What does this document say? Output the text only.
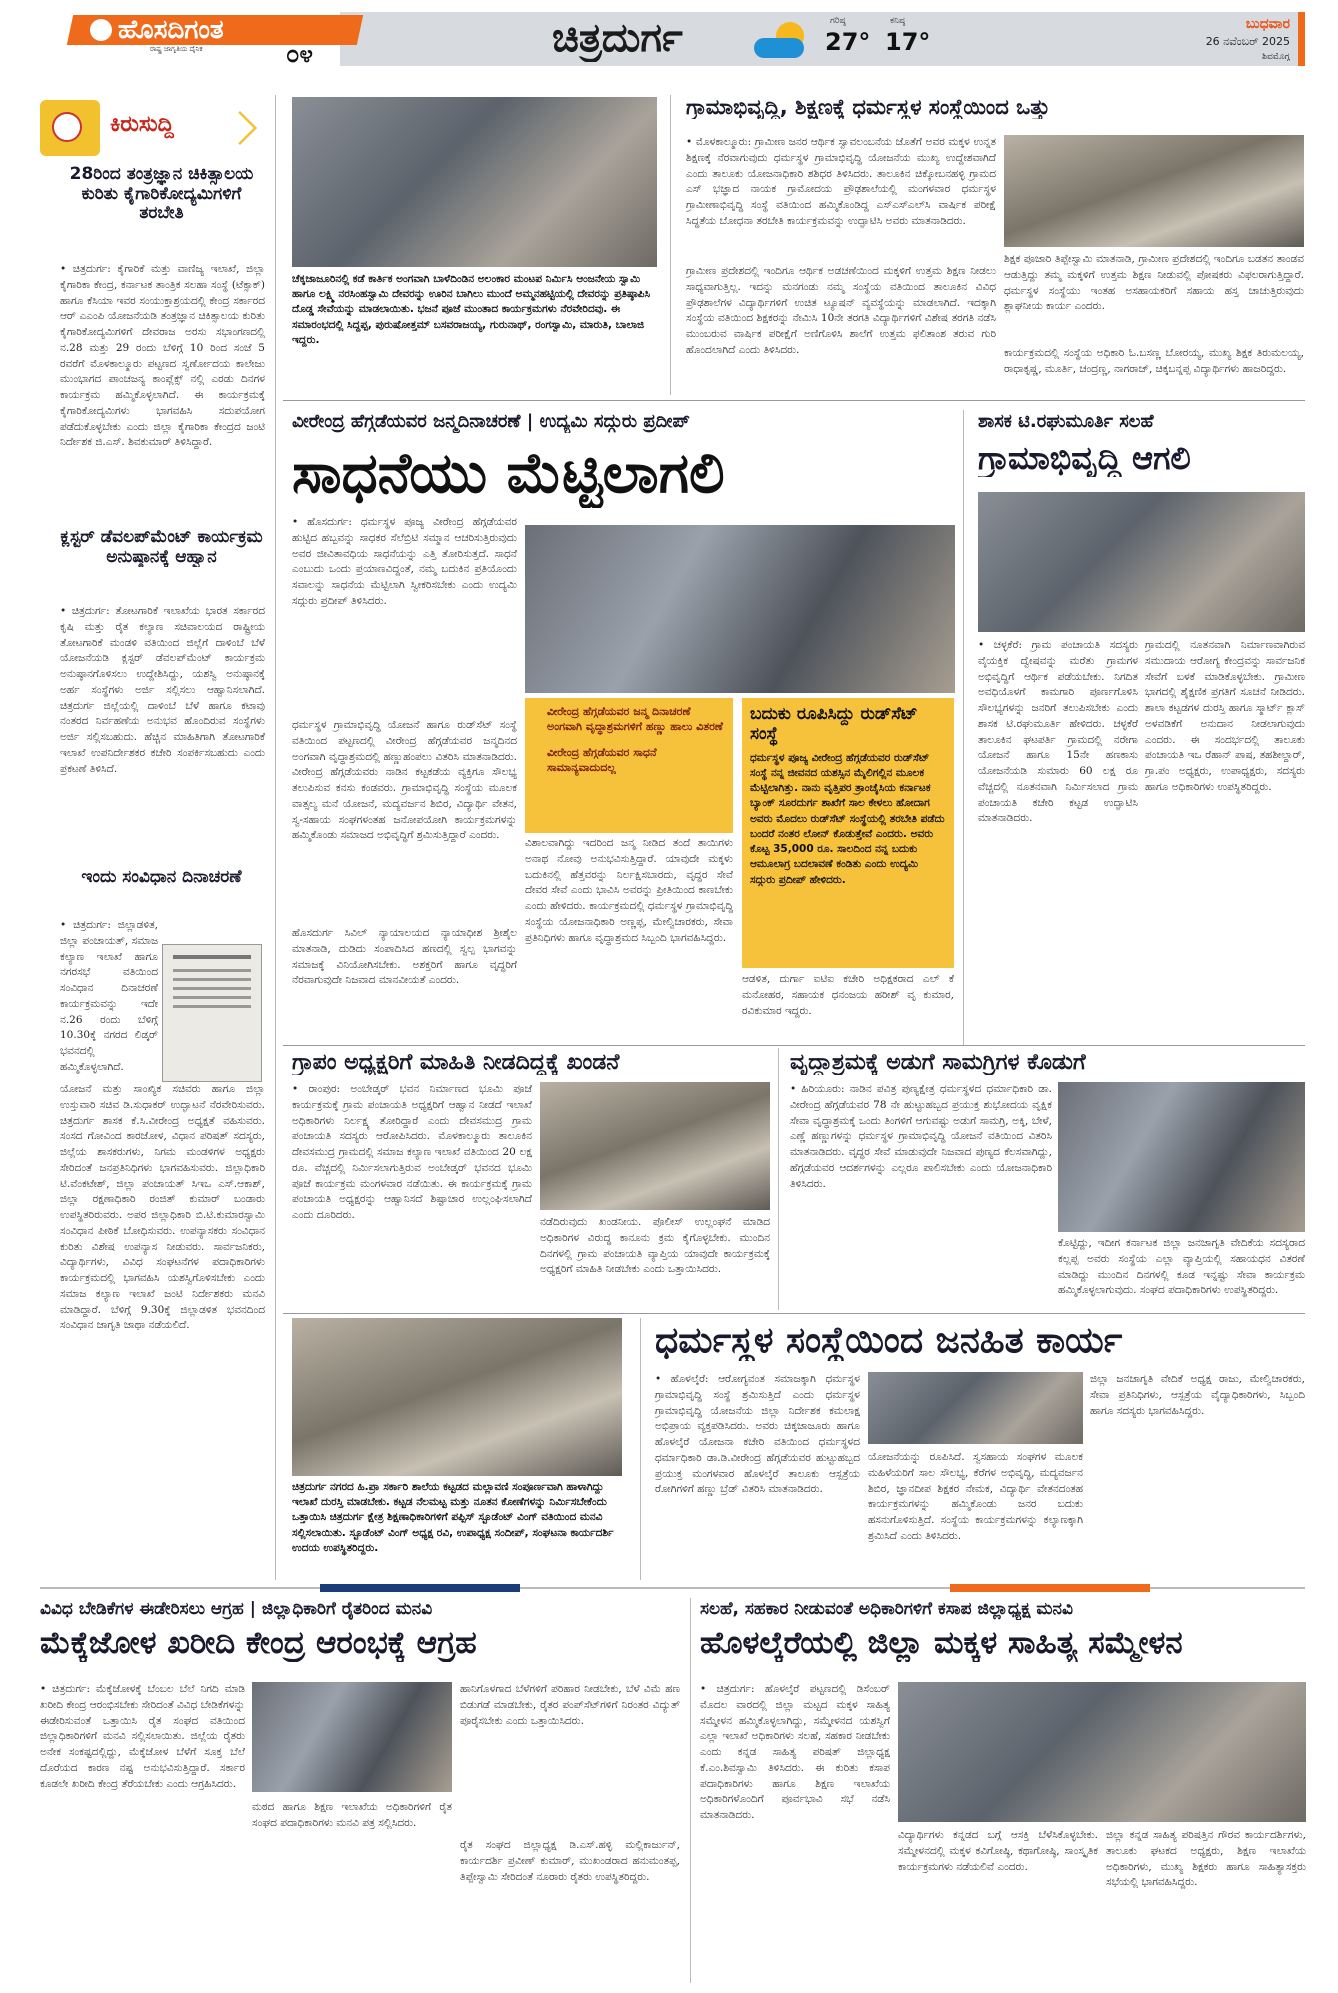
ಹೊಸದಿಗಂತ
ರಾಷ್ಟ್ರ ಜಾಗೃತಿಯ ದೈನಿಕ	೦೪	ಚಿತ್ರದುರ್ಗ	ಗರಿಷ್ಠ
27°
ಕನಿಷ್ಠ
17°
ಬುಧವಾರ
26 ನವೆಂಬರ್ 2025
ಶಿವಮೊಗ್ಗ
ಕಿರುಸುದ್ದಿ
28ರಿಂದ ತಂತ್ರಜ್ಞಾನ ಚಿಕಿತ್ಸಾಲಯ ಕುರಿತು ಕೈಗಾರಿಕೋದ್ಯಮಿಗಳಿಗೆ ತರಬೇತಿ
• ಚಿತ್ರದುರ್ಗ: ಕೈಗಾರಿಕೆ ಮತ್ತು ವಾಣಿಜ್ಯ ಇಲಾಖೆ, ಜಿಲ್ಲಾ ಕೈಗಾರಿಕಾ ಕೇಂದ್ರ, ಕರ್ನಾಟಕ ತಾಂತ್ರಿಕ ಸಲಹಾ ಸಂಸ್ಥೆ (ಟೆಕ್ಸಾಕ್) ಹಾಗೂ ಕೆಸಿಯಾ ಇವರ ಸಂಯುಕ್ತಾಶ್ರಯದಲ್ಲಿ ಕೇಂದ್ರ ಸರ್ಕಾರದ ಆರ್ ಎಎಂಪಿ ಯೋಜನೆಯಡಿ ತಂತ್ರಜ್ಞಾನ ಚಿಕಿತ್ಸಾಲಯ ಕುರಿತು ಕೈಗಾರಿಕೋದ್ಯಮಿಗಳಿಗೆ ದೇವರಾಜ ಅರಸು ಸಭಾಂಗಣದಲ್ಲಿ ನ.28 ಮತ್ತು 29 ರಂದು ಬೆಳಿಗ್ಗೆ 10 ರಿಂದ ಸಂಜೆ 5 ರವರೆಗೆ ಮೊಳಕಾಲ್ಮೂರು ಪಟ್ಟಣದ ಸ್ವರ್ಣೋದಯ ಕಾಲೇಜು ಮುಂಭಾಗದ ಪಾಂಚಜನ್ಯ ಕಾಂಪ್ಲೆಕ್ಸ್ ನಲ್ಲಿ ಎರಡು ದಿನಗಳ ಕಾರ್ಯಕ್ರಮ ಹಮ್ಮಿಕೊಳ್ಳಲಾಗಿದೆ. ಈ ಕಾರ್ಯಕ್ರಮಕ್ಕೆ ಕೈಗಾರಿಕೋದ್ಯಮಿಗಳು ಭಾಗವಹಿಸಿ ಸದುಪಯೋಗ ಪಡೆದುಕೊಳ್ಳಬೇಕು ಎಂದು ಜಿಲ್ಲಾ ಕೈಗಾರಿಕಾ ಕೇಂದ್ರದ ಜಂಟಿ ನಿರ್ದೇಶಕ ಜಿ.ಎಸ್. ಶಿವಕುಮಾರ್ ತಿಳಿಸಿದ್ದಾರೆ.
ಕ್ಲಸ್ಟರ್ ಡೆವಲಪ್‌ಮೆಂಟ್ ಕಾರ್ಯಕ್ರಮ ಅನುಷ್ಠಾನಕ್ಕೆ ಆಹ್ವಾನ
• ಚಿತ್ರದುರ್ಗ: ತೋಟಗಾರಿಕೆ ಇಲಾಖೆಯ ಭಾರತ ಸರ್ಕಾರದ ಕೃಷಿ ಮತ್ತು ರೈತ ಕಲ್ಯಾಣ ಸಚಿವಾಲಯದ ರಾಷ್ಟ್ರೀಯ ತೋಟಗಾರಿಕೆ ಮಂಡಳಿ ವತಿಯಿಂದ ಜಿಲ್ಲೆಗೆ ದಾಳಿಂಬೆ ಬೆಳೆ ಯೋಜನೆಯಡಿ ಕ್ಲಸ್ಟರ್ ಡೆವಲಪ್‌ಮೆಂಟ್ ಕಾರ್ಯಕ್ರಮ ಅನುಷ್ಠಾನಗೊಳಿಸಲು ಉದ್ದೇಶಿಸಿದ್ದು, ಯಶಸ್ವಿ ಅನುಷ್ಠಾನಕ್ಕೆ ಅರ್ಹ ಸಂಸ್ಥೆಗಳು ಅರ್ಜಿ ಸಲ್ಲಿಸಲು ಆಹ್ವಾನಿಸಲಾಗಿದೆ. ಚಿತ್ರದುರ್ಗ ಜಿಲ್ಲೆಯಲ್ಲಿ ದಾಳಿಂಬೆ ಬೆಳೆ ಹಾಗೂ ಕಟಾವು ನಂತರದ ನಿರ್ವಹಣೆಯ ಅನುಭವ ಹೊಂದಿರುವ ಸಂಸ್ಥೆಗಳು ಅರ್ಜಿ ಸಲ್ಲಿಸಬಹುದು. ಹೆಚ್ಚಿನ ಮಾಹಿತಿಗಾಗಿ ತೋಟಗಾರಿಕೆ ಇಲಾಖೆ ಉಪನಿರ್ದೇಶಕರ ಕಚೇರಿ ಸಂಪರ್ಕಿಸಬಹುದು ಎಂದು ಪ್ರಕಟಣೆ ತಿಳಿಸಿದೆ.
ಇಂದು ಸಂವಿಧಾನ ದಿನಾಚರಣೆ
• ಚಿತ್ರದುರ್ಗ: ಜಿಲ್ಲಾಡಳಿತ, ಜಿಲ್ಲಾ ಪಂಚಾಯತ್, ಸಮಾಜ ಕಲ್ಯಾಣ ಇಲಾಖೆ ಹಾಗೂ ನಗರಸಭೆ ವತಿಯಿಂದ ಸಂವಿಧಾನ ದಿನಾಚರಣೆ ಕಾರ್ಯಕ್ರಮವನ್ನು ಇದೇ ನ.26 ರಂದು ಬೆಳಿಗ್ಗೆ 10.30ಕ್ಕೆ ನಗರದ ಲಿಡ್ಕರ್ ಭವನದಲ್ಲಿ ಹಮ್ಮಿಕೊಳ್ಳಲಾಗಿದೆ.
ಯೋಜನೆ ಮತ್ತು ಸಾಂಖ್ಯಿಕ ಸಚಿವರು ಹಾಗೂ ಜಿಲ್ಲಾ ಉಸ್ತುವಾರಿ ಸಚಿವ ಡಿ.ಸುಧಾಕರ್ ಉದ್ಘಾಟನೆ ನೆರವೇರಿಸುವರು. ಚಿತ್ರದುರ್ಗ ಶಾಸಕ ಕೆ.ಸಿ.ವೀರೇಂದ್ರ ಅಧ್ಯಕ್ಷತೆ ವಹಿಸುವರು. ಸಂಸದ ಗೋವಿಂದ ಕಾರಜೋಳ, ವಿಧಾನ ಪರಿಷತ್ ಸದಸ್ಯರು, ಜಿಲ್ಲೆಯ ಶಾಸಕರುಗಳು, ನಿಗಮ ಮಂಡಳಿಗಳ ಅಧ್ಯಕ್ಷರು ಸೇರಿದಂತೆ ಜನಪ್ರತಿನಿಧಿಗಳು ಭಾಗವಹಿಸುವರು. ಜಿಲ್ಲಾಧಿಕಾರಿ ಟಿ.ವೆಂಕಟೇಶ್, ಜಿಲ್ಲಾ ಪಂಚಾಯತ್ ಸಿಇಒ ಎಸ್.ಆಕಾಶ್, ಜಿಲ್ಲಾ ರಕ್ಷಣಾಧಿಕಾರಿ ರಂಜಿತ್ ಕುಮಾರ್ ಬಂಡಾರು ಉಪಸ್ಥಿತರಿರುವರು. ಅಪರ ಜಿಲ್ಲಾಧಿಕಾರಿ ಬಿ.ಟಿ.ಕುಮಾರಸ್ವಾಮಿ ಸಂವಿಧಾನ ಪೀಠಿಕೆ ಬೋಧಿಸುವರು. ಉಪನ್ಯಾಸಕರು ಸಂವಿಧಾನ ಕುರಿತು ವಿಶೇಷ ಉಪನ್ಯಾಸ ನೀಡುವರು. ಸಾರ್ವಜನಿಕರು, ವಿದ್ಯಾರ್ಥಿಗಳು, ವಿವಿಧ ಸಂಘಟನೆಗಳ ಪದಾಧಿಕಾರಿಗಳು ಕಾರ್ಯಕ್ರಮದಲ್ಲಿ ಭಾಗವಹಿಸಿ ಯಶಸ್ವಿಗೊಳಿಸಬೇಕು ಎಂದು ಸಮಾಜ ಕಲ್ಯಾಣ ಇಲಾಖೆ ಜಂಟಿ ನಿರ್ದೇಶಕರು ಮನವಿ ಮಾಡಿದ್ದಾರೆ. ಬೆಳಿಗ್ಗೆ 9.30ಕ್ಕೆ ಜಿಲ್ಲಾಡಳಿತ ಭವನದಿಂದ ಸಂವಿಧಾನ ಜಾಗೃತಿ ಜಾಥಾ ನಡೆಯಲಿದೆ.
ಚೆಕ್ಕಜಾಜೂರಿನಲ್ಲಿ ಕಡೆ ಕಾರ್ತಿಕ ಅಂಗವಾಗಿ ಬಾಳೆದಿಂಡಿನ ಅಲಂಕಾರ ಮಂಟಪ ನಿರ್ಮಿಸಿ ಆಂಜನೇಯ ಸ್ವಾಮಿ ಹಾಗೂ ಲಕ್ಷ್ಮಿ ನರಸಿಂಹಸ್ವಾಮಿ ದೇವರನ್ನು ಊರಿನ ಬಾಗಿಲು ಮುಂದೆ ಅಮ್ಮನಹಟ್ಟಿಯಲ್ಲಿ ದೇವರನ್ನು ಪ್ರತಿಷ್ಠಾಪಿಸಿ ದೊಡ್ಡ ಸೇವೆಯನ್ನು ಮಾಡಲಾಯಿತು. ಭಜನೆ ಪೂಜೆ ಮುಂತಾದ ಕಾರ್ಯಕ್ರಮಗಳು ನೆರವೇರಿದವು. ಈ ಸಮಾರಂಭದಲ್ಲಿ ಸಿದ್ದಪ್ಪ, ಪುರುಷೋತ್ತಮ್ ಬಸವರಾಜಯ್ಯ, ಗುರುನಾಥ್, ರಂಗಸ್ವಾಮಿ, ಮಾರುತಿ, ಬಾಲಾಜಿ ಇದ್ದರು.
ಗ್ರಾಮಾಭಿವೃದ್ಧಿ, ಶಿಕ್ಷಣಕ್ಕೆ ಧರ್ಮಸ್ಥಳ ಸಂಸ್ಥೆಯಿಂದ ಒತ್ತು
• ಮೊಳಕಾಲ್ಮೂರು: ಗ್ರಾಮೀಣ ಜನರ ಆರ್ಥಿಕ ಸ್ವಾವಲಂಬನೆಯ ಜೊತೆಗೆ ಅವರ ಮಕ್ಕಳ ಉನ್ನತ ಶಿಕ್ಷಣಕ್ಕೆ ನೆರವಾಗುವುದು ಧರ್ಮಸ್ಥಳ ಗ್ರಾಮಾಭಿವೃದ್ಧಿ ಯೋಜನೆಯ ಮುಖ್ಯ ಉದ್ದೇಶವಾಗಿದೆ ಎಂದು ತಾಲೂಕು ಯೋಜನಾಧಿಕಾರಿ ಶಶಿಧರ ತಿಳಿಸಿದರು. ತಾಲೂಕಿನ ಚಿಕ್ಕೋಬನಹಳ್ಳಿ ಗ್ರಾಮದ ಎಸ್ ಭಜ್ಞಾದ ನಾಯಕ ಗ್ರಾಮೋದಯ ಪ್ರೌಢಶಾಲೆಯಲ್ಲಿ ಮಂಗಳವಾರ ಧರ್ಮಸ್ಥಳ ಗ್ರಾಮೀಣಾಭಿವೃದ್ಧಿ ಸಂಸ್ಥೆ ವತಿಯಿಂದ ಹಮ್ಮಿಕೊಂಡಿದ್ದ ಎಸ್‌ಎಸ್‌ಎಲ್‌ಸಿ ವಾರ್ಷಿಕ ಪರೀಕ್ಷೆ ಸಿದ್ಧತೆಯ ಬೋಧನಾ ತರಬೇತಿ ಕಾರ್ಯಕ್ರಮವನ್ನು ಉದ್ಘಾಟಿಸಿ ಅವರು ಮಾತನಾಡಿದರು.
ಗ್ರಾಮೀಣ ಪ್ರದೇಶದಲ್ಲಿ ಇಂದಿಗೂ ಆರ್ಥಿಕ ಅಡಚಣೆಯಿಂದ ಮಕ್ಕಳಿಗೆ ಉತ್ತಮ ಶಿಕ್ಷಣ ನೀಡಲು ಸಾಧ್ಯವಾಗುತ್ತಿಲ್ಲ. ಇದನ್ನು ಮನಗಂಡು ನಮ್ಮ ಸಂಸ್ಥೆಯ ವತಿಯಿಂದ ತಾಲೂಕಿನ ವಿವಿಧ ಪ್ರೌಢಶಾಲೆಗಳ ವಿದ್ಯಾರ್ಥಿಗಳಿಗೆ ಉಚಿತ ಟ್ಯೂಷನ್ ವ್ಯವಸ್ಥೆಯನ್ನು ಮಾಡಲಾಗಿದೆ. ಇದಕ್ಕಾಗಿ ಸಂಸ್ಥೆಯ ವತಿಯಿಂದ ಶಿಕ್ಷಕರನ್ನು ನೇಮಿಸಿ 10ನೇ ತರಗತಿ ವಿದ್ಯಾರ್ಥಿಗಳಿಗೆ ವಿಶೇಷ ತರಗತಿ ನಡೆಸಿ ಮುಂಬರುವ ವಾರ್ಷಿಕ ಪರೀಕ್ಷೆಗೆ ಅಣಿಗೊಳಿಸಿ ಶಾಲೆಗೆ ಉತ್ತಮ ಫಲಿತಾಂಶ ತರುವ ಗುರಿ ಹೊಂದಲಾಗಿದೆ ಎಂದು ತಿಳಿಸಿದರು.
ಶಿಕ್ಷಕ ಪೂಜಾರಿ ತಿಪ್ಪೇಸ್ವಾಮಿ ಮಾತನಾಡಿ, ಗ್ರಾಮೀಣ ಪ್ರದೇಶದಲ್ಲಿ ಇಂದಿಗೂ ಬಡತನ ತಾಂಡವ ಆಡುತ್ತಿದ್ದು ತಮ್ಮ ಮಕ್ಕಳಿಗೆ ಉತ್ತಮ ಶಿಕ್ಷಣ ನೀಡುವಲ್ಲಿ ಪೋಷಕರು ವಿಫಲರಾಗುತ್ತಿದ್ದಾರೆ. ಧರ್ಮಸ್ಥಳ ಸಂಸ್ಥೆಯು ಇಂತಹ ಅಸಹಾಯಕರಿಗೆ ಸಹಾಯ ಹಸ್ತ ಚಾಚುತ್ತಿರುವುದು ಶ್ಲಾಘನೀಯ ಕಾರ್ಯ ಎಂದರು.
ಕಾರ್ಯಕ್ರಮದಲ್ಲಿ ಸಂಸ್ಥೆಯ ಅಧಿಕಾರಿ ಓ.ಬಸಣ್ಣ ಬೋರಯ್ಯ, ಮುಖ್ಯ ಶಿಕ್ಷಕ ತಿರುಮಲಯ್ಯ, ರಾಧಾಕೃಷ್ಣ, ಮೂರ್ತಿ, ಚಂದ್ರಣ್ಣ, ನಾಗರಾಜ್, ಚಿಕ್ಕಬನ್ನಪ್ಪ ವಿದ್ಯಾರ್ಥಿಗಳು ಹಾಜರಿದ್ದರು.
ವೀರೇಂದ್ರ ಹೆಗ್ಗಡೆಯವರ ಜನ್ಮದಿನಾಚರಣೆ | ಉದ್ಯಮಿ ಸದ್ಗುರು ಪ್ರದೀಪ್
ಸಾಧನೆಯು ಮೆಟ್ಟಿಲಾಗಲಿ
• ಹೊಸದುರ್ಗ: ಧರ್ಮಸ್ಥಳ ಪೂಜ್ಯ ವೀರೇಂದ್ರ ಹೆಗ್ಗಡೆಯವರ ಹುಟ್ಟಿದ ಹಬ್ಬವನ್ನು ಸಾಧಕರ ಸೆಲೆಬ್ರಿಟಿ ಸಮ್ಮಾನ ಆಚರಿಸುತ್ತಿರುವುದು ಅವರ ಜೀವಿತಾವಧಿಯ ಸಾಧನೆಯನ್ನು ಎತ್ತಿ ತೋರಿಸುತ್ತದೆ. ಸಾಧನೆ ಎಂಬುದು ಒಂದು ಪ್ರಯಾಣವಿದ್ದಂತೆ, ನಮ್ಮ ಬದುಕಿನ ಪ್ರತಿಯೊಂದು ಸವಾಲನ್ನು ಸಾಧನೆಯ ಮೆಟ್ಟಿಲಾಗಿ ಸ್ವೀಕರಿಸಬೇಕು ಎಂದು ಉದ್ಯಮಿ ಸದ್ಗುರು ಪ್ರದೀಪ್ ತಿಳಿಸಿದರು.
ಧರ್ಮಸ್ಥಳ ಗ್ರಾಮಾಭಿವೃದ್ಧಿ ಯೋಜನೆ ಹಾಗೂ ರುಡ್‌ಸೆಟ್ ಸಂಸ್ಥೆ ವತಿಯಿಂದ ಪಟ್ಟಣದಲ್ಲಿ ವೀರೇಂದ್ರ ಹೆಗ್ಗಡೆಯವರ ಜನ್ಮದಿನದ ಅಂಗವಾಗಿ ವೃದ್ಧಾಶ್ರಮದಲ್ಲಿ ಹಣ್ಣುಹಂಪಲು ವಿತರಿಸಿ ಮಾತನಾಡಿದರು. ವೀರೇಂದ್ರ ಹೆಗ್ಗಡೆಯವರು ನಾಡಿನ ಕಟ್ಟಕಡೆಯ ವ್ಯಕ್ತಿಗೂ ಸೌಲಭ್ಯ ತಲುಪಿಸುವ ಕನಸು ಕಂಡವರು. ಗ್ರಾಮಾಭಿವೃದ್ಧಿ ಸಂಸ್ಥೆಯ ಮೂಲಕ ವಾತ್ಸಲ್ಯ ಮನೆ ಯೋಜನೆ, ಮದ್ಯವರ್ಜನ ಶಿಬಿರ, ವಿದ್ಯಾರ್ಥಿ ವೇತನ, ಸ್ವ-ಸಹಾಯ ಸಂಘಗಳಂತಹ ಜನೋಪಯೋಗಿ ಕಾರ್ಯಕ್ರಮಗಳನ್ನು ಹಮ್ಮಿಕೊಂಡು ಸಮಾಜದ ಅಭಿವೃದ್ಧಿಗೆ ಶ್ರಮಿಸುತ್ತಿದ್ದಾರೆ ಎಂದರು.
ಹೊಸದುರ್ಗ ಸಿವಿಲ್ ನ್ಯಾಯಾಲಯದ ನ್ಯಾಯಾಧೀಶ ಶ್ರೀಶೈಲ ಮಾತನಾಡಿ, ದುಡಿದು ಸಂಪಾದಿಸಿದ ಹಣದಲ್ಲಿ ಸ್ವಲ್ಪ ಭಾಗವನ್ನು ಸಮಾಜಕ್ಕೆ ವಿನಿಯೋಗಿಸಬೇಕು. ಅಶಕ್ತರಿಗೆ ಹಾಗೂ ವೃದ್ಧರಿಗೆ ನೆರವಾಗುವುದೇ ನಿಜವಾದ ಮಾನವೀಯತೆ ಎಂದರು.
ವೀರೇಂದ್ರ ಹೆಗ್ಗಡೆಯವರ ಜನ್ಮ ದಿನಾಚರಣೆ ಅಂಗವಾಗಿ ವೃದ್ಧಾಶ್ರಮಗಳಿಗೆ ಹಣ್ಣು ಹಾಲು ವಿತರಣೆ
ವೀರೇಂದ್ರ ಹೆಗ್ಗಡೆಯವರ ಸಾಧನೆ ಸಾಮಾನ್ಯವಾದುದಲ್ಲ
ವಿಶಾಲವಾಗಿದ್ದು ಇದರಿಂದ ಜನ್ಮ ನೀಡಿದ ತಂದೆ ತಾಯಿಗಳು ಅನಾಥ ನೋವು ಅನುಭವಿಸುತ್ತಿದ್ದಾರೆ. ಯಾವುದೇ ಮಕ್ಕಳು ಬದುಕಿನಲ್ಲಿ ಹೆತ್ತವರನ್ನು ನಿರ್ಲಕ್ಷಿಸಬಾರದು, ವೃದ್ಧರ ಸೇವೆ ದೇವರ ಸೇವೆ ಎಂದು ಭಾವಿಸಿ ಅವರನ್ನು ಪ್ರೀತಿಯಿಂದ ಕಾಣಬೇಕು ಎಂದು ಹೇಳಿದರು. ಕಾರ್ಯಕ್ರಮದಲ್ಲಿ ಧರ್ಮಸ್ಥಳ ಗ್ರಾಮಾಭಿವೃದ್ಧಿ ಸಂಸ್ಥೆಯ ಯೋಜನಾಧಿಕಾರಿ ಅಣ್ಣಪ್ಪ, ಮೇಲ್ವಿಚಾರಕರು, ಸೇವಾ ಪ್ರತಿನಿಧಿಗಳು ಹಾಗೂ ವೃದ್ಧಾಶ್ರಮದ ಸಿಬ್ಬಂದಿ ಭಾಗವಹಿಸಿದ್ದರು.
ಬದುಕು ರೂಪಿಸಿದ್ದು ರುಡ್‌ಸೆಟ್ ಸಂಸ್ಥೆ
ಧರ್ಮಸ್ಥಳ ಪೂಜ್ಯ ವೀರೇಂದ್ರ ಹೆಗ್ಗಡೆಯವರ ರುಡ್‌ಸೆಟ್ ಸಂಸ್ಥೆ ನನ್ನ ಜೀವನದ ಯಶಸ್ಸಿನ ಮೈಲಿಗಲ್ಲಿನ ಮೂಲಕ ಮೆಟ್ಟಿಲಾಗಿತ್ತು. ನಾನು ವೃತ್ತಿಪರ ತ್ರಾಂಚೈಸಿಯ ಕರ್ನಾಟಕ ಬ್ಯಾಂಕ್ ಸೂರದುರ್ಗ ಶಾಖೆಗೆ ಸಾಲ ಕೇಳಲು ಹೋದಾಗ ಅವರು ಮೊದಲು ರುಡ್‌ಸೆಟ್ ಸಂಸ್ಥೆಯಲ್ಲಿ ತರಬೇತಿ ಪಡೆದು ಬಂದರೆ ನಂತರ ಲೋನ್ ಕೊಡುತ್ತೇವೆ ಎಂದರು. ಅವರು ಕೊಟ್ಟ 35,000 ರೂ. ಸಾಲದಿಂದ ನನ್ನ ಬದುಕು ಆಮೂಲಾಗ್ರ ಬದಲಾವಣೆ ಕಂಡಿತು ಎಂದು ಉದ್ಯಮಿ ಸದ್ಗುರು ಪ್ರದೀಪ್ ಹೇಳಿದರು.
ಆಡಳಿತ, ದುರ್ಗಾ ಐಟಿಐ ಕಚೇರಿ ಅಧಿಕ್ಷಕರಾದ ಎಲ್ ಕೆ ಮನೋಹರ, ಸಹಾಯಕ ಧನಂಜಯ ಹರೀಶ್ ವೃ ಕುಮಾರ, ರವಿಕುಮಾರ ಇದ್ದರು.
ಶಾಸಕ ಟಿ.ರಘುಮೂರ್ತಿ ಸಲಹೆ
ಗ್ರಾಮಾಭಿವೃದ್ಧಿ ಆಗಲಿ
• ಚಳ್ಳಕೆರೆ: ಗ್ರಾಮ ಪಂಚಾಯತಿ ಸದಸ್ಯರು ವೈಯಕ್ತಿಕ ದ್ವೇಷವನ್ನು ಮರೆತು ಗ್ರಾಮಗಳ ಅಭಿವೃದ್ಧಿಗೆ ಆರ್ಥಿಕ ಪಡೆಯಬೇಕು. ನಿಗದಿತ ಅವಧಿಯೊಳಗೆ ಕಾಮಗಾರಿ ಪೂರ್ಣಗೊಳಿಸಿ ಸೌಲಭ್ಯಗಳನ್ನು ಜನರಿಗೆ ತಲುಪಿಸಬೇಕು ಎಂದು ಶಾಸಕ ಟಿ.ರಘುಮೂರ್ತಿ ಹೇಳಿದರು. ಚಳ್ಳಕೆರೆ ತಾಲೂಕಿನ ಘಟಪರ್ತಿ ಗ್ರಾಮದಲ್ಲಿ ನರೇಗಾ ಯೋಜನೆ ಹಾಗೂ 15ನೇ ಹಣಕಾಸು ಯೋಜನೆಯಡಿ ಸುಮಾರು 60 ಲಕ್ಷ ರೂ ವೆಚ್ಚದಲ್ಲಿ ನೂತನವಾಗಿ ನಿರ್ಮಿಸಲಾದ ಗ್ರಾಮ ಪಂಚಾಯತಿ ಕಚೇರಿ ಕಟ್ಟಡ ಉದ್ಘಾಟಿಸಿ ಮಾತನಾಡಿದರು.
ಗ್ರಾಮದಲ್ಲಿ ನೂತನವಾಗಿ ನಿರ್ಮಾಣವಾಗಿರುವ ಸಮುದಾಯ ಆರೋಗ್ಯ ಕೇಂದ್ರವನ್ನು ಸಾರ್ವಜನಿಕ ಸೇವೆಗೆ ಬಳಕೆ ಮಾಡಿಕೊಳ್ಳಬೇಕು. ಗ್ರಾಮೀಣ ಭಾಗದಲ್ಲಿ ಶೈಕ್ಷಣಿಕ ಪ್ರಗತಿಗೆ ಸೂಚನೆ ನೀಡಿದರು. ಶಾಲಾ ಕಟ್ಟಡಗಳ ದುರಸ್ತಿ ಹಾಗೂ ಸ್ಮಾರ್ಟ್ ಕ್ಲಾಸ್ ಅಳವಡಿಕೆಗೆ ಅನುದಾನ ನೀಡಲಾಗುವುದು ಎಂದರು. ಈ ಸಂದರ್ಭದಲ್ಲಿ ತಾಲೂಕು ಪಂಚಾಯತಿ ಇಒ ರೆಹಾನ್ ಪಾಷ, ತಹಶೀಲ್ದಾರ್, ಗ್ರಾ.ಪಂ ಅಧ್ಯಕ್ಷರು, ಉಪಾಧ್ಯಕ್ಷರು, ಸದಸ್ಯರು ಹಾಗೂ ಅಧಿಕಾರಿಗಳು ಉಪಸ್ಥಿತರಿದ್ದರು.
ಗ್ರಾಪಂ ಅಧ್ಯಕ್ಷರಿಗೆ ಮಾಹಿತಿ ನೀಡದಿದ್ದಕ್ಕೆ ಖಂಡನೆ
• ರಾಂಪುರ: ಅಂಬೇಡ್ಕರ್ ಭವನ ನಿರ್ಮಾಣದ ಭೂಮಿ ಪೂಜೆ ಕಾರ್ಯಕ್ರಮಕ್ಕೆ ಗ್ರಾಮ ಪಂಚಾಯತಿ ಅಧ್ಯಕ್ಷರಿಗೆ ಆಹ್ವಾನ ನೀಡದೆ ಇಲಾಖೆ ಅಧಿಕಾರಿಗಳು ನಿರ್ಲಕ್ಷ್ಯ ತೋರಿದ್ದಾರೆ ಎಂದು ದೇವಸಮುದ್ರ ಗ್ರಾಮ ಪಂಚಾಯತಿ ಸದಸ್ಯರು ಆರೋಪಿಸಿದರು. ಮೊಳಕಾಲ್ಮೂರು ತಾಲೂಕಿನ ದೇವಸಮುದ್ರ ಗ್ರಾಮದಲ್ಲಿ ಸಮಾಜ ಕಲ್ಯಾಣ ಇಲಾಖೆ ವತಿಯಿಂದ 20 ಲಕ್ಷ ರೂ. ವೆಚ್ಚದಲ್ಲಿ ನಿರ್ಮಿಸಲಾಗುತ್ತಿರುವ ಅಂಬೇಡ್ಕರ್ ಭವನದ ಭೂಮಿ ಪೂಜೆ ಕಾರ್ಯಕ್ರಮ ಮಂಗಳವಾರ ನಡೆಯಿತು. ಈ ಕಾರ್ಯಕ್ರಮಕ್ಕೆ ಗ್ರಾಮ ಪಂಚಾಯತಿ ಅಧ್ಯಕ್ಷರನ್ನು ಆಹ್ವಾನಿಸದೆ ಶಿಷ್ಟಾಚಾರ ಉಲ್ಲಂಘಿಸಲಾಗಿದೆ ಎಂದು ದೂರಿದರು.
ನಡೆದಿರುವುದು ಖಂಡನೀಯ. ಪೊಲೀಸ್ ಉಲ್ಲಂಘನೆ ಮಾಡಿದ ಅಧಿಕಾರಿಗಳ ವಿರುದ್ಧ ಕಾನೂನು ಕ್ರಮ ಕೈಗೊಳ್ಳಬೇಕು. ಮುಂದಿನ ದಿನಗಳಲ್ಲಿ ಗ್ರಾಮ ಪಂಚಾಯತಿ ವ್ಯಾಪ್ತಿಯ ಯಾವುದೇ ಕಾರ್ಯಕ್ರಮಕ್ಕೆ ಅಧ್ಯಕ್ಷರಿಗೆ ಮಾಹಿತಿ ನೀಡಬೇಕು ಎಂದು ಒತ್ತಾಯಿಸಿದರು.
ವೃದ್ಧಾಶ್ರಮಕ್ಕೆ ಅಡುಗೆ ಸಾಮಗ್ರಿಗಳ ಕೊಡುಗೆ
• ಹಿರಿಯೂರು: ನಾಡಿನ ಪವಿತ್ರ ಪುಣ್ಯಕ್ಷೇತ್ರ ಧರ್ಮಸ್ಥಳದ ಧರ್ಮಾಧಿಕಾರಿ ಡಾ. ವೀರೇಂದ್ರ ಹೆಗ್ಗಡೆಯವರ 78 ನೇ ಹುಟ್ಟುಹಬ್ಬದ ಪ್ರಯುಕ್ತ ಶುಭೋದಯ ವೃಕ್ಷಿಕ ಸೇವಾ ವೃದ್ಧಾಶ್ರಮಕ್ಕೆ ಒಂದು ತಿಂಗಳಿಗೆ ಆಗುವಷ್ಟು ಅಡುಗೆ ಸಾಮಗ್ರಿ, ಅಕ್ಕಿ, ಬೇಳೆ, ಎಣ್ಣೆ ಹಣ್ಣುಗಳನ್ನು ಧರ್ಮಸ್ಥಳ ಗ್ರಾಮಾಭಿವೃದ್ಧಿ ಯೋಜನೆ ವತಿಯಿಂದ ವಿತರಿಸಿ ಮಾತನಾಡಿದರು. ವೃದ್ಧರ ಸೇವೆ ಮಾಡುವುದೇ ನಿಜವಾದ ಪುಣ್ಯದ ಕೆಲಸವಾಗಿದ್ದು, ಹೆಗ್ಗಡೆಯವರ ಆದರ್ಶಗಳನ್ನು ಎಲ್ಲರೂ ಪಾಲಿಸಬೇಕು ಎಂದು ಯೋಜನಾಧಿಕಾರಿ ತಿಳಿಸಿದರು.
ಕೊಟ್ಟಿದ್ದು, ಇದೀಗ ಕರ್ನಾಟಕ ಜಿಲ್ಲಾ ಜನಜಾಗೃತಿ ವೇದಿಕೆಯ ಸದಸ್ಯರಾದ ಕಲ್ಲಪ್ಪ ಅವರು ಸಂಸ್ಥೆಯ ಎಲ್ಲಾ ವ್ಯಾಪ್ತಿಯಲ್ಲಿ ಸಹಾಯಧನ ವಿತರಣೆ ಮಾಡಿದ್ದು ಮುಂದಿನ ದಿನಗಳಲ್ಲಿ ಕೂಡ ಇನ್ನಷ್ಟು ಸೇವಾ ಕಾರ್ಯಕ್ರಮ ಹಮ್ಮಿಕೊಳ್ಳಲಾಗುವುದು. ಸಂಘದ ಪದಾಧಿಕಾರಿಗಳು ಉಪಸ್ಥಿತರಿದ್ದರು.
ಚಿತ್ರದುರ್ಗ ನಗರದ ಹಿ.ಪ್ರಾ ಸರ್ಕಾರಿ ಶಾಲೆಯ ಕಟ್ಟಡದ ಮಲ್ಲಾವಣಿ ಸಂಪೂರ್ಣವಾಗಿ ಹಾಳಾಗಿದ್ದು ಇಲಾಖೆ ದುರಸ್ತಿ ಮಾಡಬೇಕು. ಕಟ್ಟಡ ನೆಲಮಟ್ಟ ಮತ್ತು ನೂತನ ಕೋಣೆಗಳನ್ನು ನಿರ್ಮಿಸಬೇಕೆಂದು ಒತ್ತಾಯಿಸಿ ಚಿತ್ರದುರ್ಗ ಕ್ಷೇತ್ರ ಶಿಕ್ಷಣಾಧಿಕಾರಿಗಳಿಗೆ ಪಪ್ಪಿಸ್ ಸ್ಟೂಡೆಂಟ್ ವಿಂಗ್ ವತಿಯಿಂದ ಮನವಿ ಸಲ್ಲಿಸಲಾಯಿತು. ಸ್ಟೂಡೆಂಟ್ ವಿಂಗ್ ಅಧ್ಯಕ್ಷ ರವಿ, ಉಪಾಧ್ಯಕ್ಷ ಸಂದೀಪ್, ಸಂಘಟನಾ ಕಾರ್ಯದರ್ಶಿ ಉದಯ ಉಪಸ್ಥಿತರಿದ್ದರು.
ಧರ್ಮಸ್ಥಳ ಸಂಸ್ಥೆಯಿಂದ ಜನಹಿತ ಕಾರ್ಯ
• ಹೊಳಲ್ಕೆರೆ: ಆರೋಗ್ಯವಂತ ಸಮಾಜಕ್ಕಾಗಿ ಧರ್ಮಸ್ಥಳ ಗ್ರಾಮಾಭಿವೃದ್ಧಿ ಸಂಸ್ಥೆ ಶ್ರಮಿಸುತ್ತಿದೆ ಎಂದು ಧರ್ಮಸ್ಥಳ ಗ್ರಾಮಾಭಿವೃದ್ಧಿ ಯೋಜನೆಯ ಜಿಲ್ಲಾ ನಿರ್ದೇಶಕ ಕಮಲಾಕ್ಷ ಅಭಿಪ್ರಾಯ ವ್ಯಕ್ತಪಡಿಸಿದರು. ಅವರು ಚಿಕ್ಕಜಾಜೂರು ಹಾಗೂ ಹೊಳಲ್ಕೆರೆ ಯೋಜನಾ ಕಚೇರಿ ವತಿಯಿಂದ ಧರ್ಮಸ್ಥಳದ ಧರ್ಮಾಧಿಕಾರಿ ಡಾ.ಡಿ.ವೀರೇಂದ್ರ ಹೆಗ್ಗಡೆಯವರ ಹುಟ್ಟುಹಬ್ಬದ ಪ್ರಯುಕ್ತ ಮಂಗಳವಾರ ಹೊಳಲ್ಕೆರೆ ತಾಲೂಕು ಆಸ್ಪತ್ರೆಯ ರೋಗಿಗಳಿಗೆ ಹಣ್ಣು ಬ್ರೆಡ್ ವಿತರಿಸಿ ಮಾತನಾಡಿದರು.
ಯೋಜನೆಯನ್ನು ರೂಪಿಸಿದೆ. ಸ್ವಸಹಾಯ ಸಂಘಗಳ ಮೂಲಕ ಮಹಿಳೆಯರಿಗೆ ಸಾಲ ಸೌಲಭ್ಯ, ಕೆರೆಗಳ ಅಭಿವೃದ್ಧಿ, ಮದ್ಯವರ್ಜನ ಶಿಬಿರ, ಜ್ಞಾನದೀಪ ಶಿಕ್ಷಕರ ನೇಮಕ, ವಿದ್ಯಾರ್ಥಿ ವೇತನದಂತಹ ಕಾರ್ಯಕ್ರಮಗಳನ್ನು ಹಮ್ಮಿಕೊಂಡು ಜನರ ಬದುಕು ಹಸನುಗೊಳಿಸುತ್ತಿದೆ. ಸಂಸ್ಥೆಯ ಕಾರ್ಯಕ್ರಮಗಳನ್ನು ಕಲ್ಯಾಣಕ್ಕಾಗಿ ಶ್ರಮಿಸಿದೆ ಎಂದು ತಿಳಿಸಿದರು.
ಜಿಲ್ಲಾ ಜನಜಾಗೃತಿ ವೇದಿಕೆ ಅಧ್ಯಕ್ಷ ರಾಜು, ಮೇಲ್ವಿಚಾರಕರು, ಸೇವಾ ಪ್ರತಿನಿಧಿಗಳು, ಆಸ್ಪತ್ರೆಯ ವೈದ್ಯಾಧಿಕಾರಿಗಳು, ಸಿಬ್ಬಂದಿ ಹಾಗೂ ಸದಸ್ಯರು ಭಾಗವಹಿಸಿದ್ದರು.
ವಿವಿಧ ಬೇಡಿಕೆಗಳ ಈಡೇರಿಸಲು ಆಗ್ರಹ | ಜಿಲ್ಲಾಧಿಕಾರಿಗೆ ರೈತರಿಂದ ಮನವಿ
ಮೆಕ್ಕೆಜೋಳ ಖರೀದಿ ಕೇಂದ್ರ ಆರಂಭಕ್ಕೆ ಆಗ್ರಹ
• ಚಿತ್ರದುರ್ಗ: ಮೆಕ್ಕೆಜೋಳಕ್ಕೆ ಬೆಂಬಲ ಬೆಲೆ ನಿಗದಿ ಮಾಡಿ ಖರೀದಿ ಕೇಂದ್ರ ಆರಂಭಿಸಬೇಕು ಸೇರಿದಂತೆ ವಿವಿಧ ಬೇಡಿಕೆಗಳನ್ನು ಈಡೇರಿಸುವಂತೆ ಒತ್ತಾಯಿಸಿ ರೈತ ಸಂಘದ ವತಿಯಿಂದ ಜಿಲ್ಲಾಧಿಕಾರಿಗಳಿಗೆ ಮನವಿ ಸಲ್ಲಿಸಲಾಯಿತು. ಜಿಲ್ಲೆಯ ರೈತರು ಅನೇಕ ಸಂಕಷ್ಟದಲ್ಲಿದ್ದು, ಮೆಕ್ಕೆಜೋಳ ಬೆಳೆಗೆ ಸೂಕ್ತ ಬೆಲೆ ದೊರೆಯದ ಕಾರಣ ನಷ್ಟ ಅನುಭವಿಸುತ್ತಿದ್ದಾರೆ. ಸರ್ಕಾರ ಕೂಡಲೇ ಖರೀದಿ ಕೇಂದ್ರ ತೆರೆಯಬೇಕು ಎಂದು ಆಗ್ರಹಿಸಿದರು.
ಮಠದ ಹಾಗೂ ಶಿಕ್ಷಣ ಇಲಾಖೆಯ ಅಧಿಕಾರಿಗಳಿಗೆ ರೈತ ಸಂಘದ ಪದಾಧಿಕಾರಿಗಳು ಮನವಿ ಪತ್ರ ಸಲ್ಲಿಸಿದರು.
ಹಾನಿಗೊಳಗಾದ ಬೆಳೆಗಳಿಗೆ ಪರಿಹಾರ ನೀಡಬೇಕು, ಬೆಳೆ ವಿಮೆ ಹಣ ಬಿಡುಗಡೆ ಮಾಡಬೇಕು, ರೈತರ ಪಂಪ್‌ಸೆಟ್‌ಗಳಿಗೆ ನಿರಂತರ ವಿದ್ಯುತ್ ಪೂರೈಸಬೇಕು ಎಂದು ಒತ್ತಾಯಿಸಿದರು.
ರೈತ ಸಂಘದ ಜಿಲ್ಲಾಧ್ಯಕ್ಷ ಡಿ.ಎಸ್.ಹಳ್ಳಿ ಮಲ್ಲಿಕಾರ್ಜುನ್, ಕಾರ್ಯದರ್ಶಿ ಪ್ರವೀಣ್ ಕುಮಾರ್, ಮುಖಂಡರಾದ ಹನುಮಂತಪ್ಪ, ತಿಪ್ಪೇಸ್ವಾಮಿ ಸೇರಿದಂತೆ ನೂರಾರು ರೈತರು ಉಪಸ್ಥಿತರಿದ್ದರು.
ಸಲಹೆ, ಸಹಕಾರ ನೀಡುವಂತೆ ಅಧಿಕಾರಿಗಳಿಗೆ ಕಸಾಪ ಜಿಲ್ಲಾಧ್ಯಕ್ಷ ಮನವಿ
ಹೊಳಲ್ಕೆರೆಯಲ್ಲಿ ಜಿಲ್ಲಾ ಮಕ್ಕಳ ಸಾಹಿತ್ಯ ಸಮ್ಮೇಳನ
• ಚಿತ್ರದುರ್ಗ: ಹೊಳಲ್ಕೆರೆ ಪಟ್ಟಣದಲ್ಲಿ ಡಿಸೆಂಬರ್ ಮೊದಲ ವಾರದಲ್ಲಿ ಜಿಲ್ಲಾ ಮಟ್ಟದ ಮಕ್ಕಳ ಸಾಹಿತ್ಯ ಸಮ್ಮೇಳನ ಹಮ್ಮಿಕೊಳ್ಳಲಾಗಿದ್ದು, ಸಮ್ಮೇಳನದ ಯಶಸ್ವಿಗೆ ಎಲ್ಲಾ ಇಲಾಖೆ ಅಧಿಕಾರಿಗಳು ಸಲಹೆ, ಸಹಕಾರ ನೀಡಬೇಕು ಎಂದು ಕನ್ನಡ ಸಾಹಿತ್ಯ ಪರಿಷತ್ ಜಿಲ್ಲಾಧ್ಯಕ್ಷ ಕೆ.ಎಂ.ಶಿವಸ್ವಾಮಿ ತಿಳಿಸಿದರು. ಈ ಕುರಿತು ಕಸಾಪ ಪದಾಧಿಕಾರಿಗಳು ಹಾಗೂ ಶಿಕ್ಷಣ ಇಲಾಖೆಯ ಅಧಿಕಾರಿಗಳೊಂದಿಗೆ ಪೂರ್ವಭಾವಿ ಸಭೆ ನಡೆಸಿ ಮಾತನಾಡಿದರು.
ವಿದ್ಯಾರ್ಥಿಗಳು ಕನ್ನಡದ ಬಗ್ಗೆ ಆಸಕ್ತಿ ಬೆಳೆಸಿಕೊಳ್ಳಬೇಕು. ಸಮ್ಮೇಳನದಲ್ಲಿ ಮಕ್ಕಳ ಕವಿಗೋಷ್ಠಿ, ಕಥಾಗೋಷ್ಠಿ, ಸಾಂಸ್ಕೃತಿಕ ಕಾರ್ಯಕ್ರಮಗಳು ನಡೆಯಲಿವೆ ಎಂದರು.
ಜಿಲ್ಲಾ ಕನ್ನಡ ಸಾಹಿತ್ಯ ಪರಿಷತ್ತಿನ ಗೌರವ ಕಾರ್ಯದರ್ಶಿಗಳು, ತಾಲೂಕು ಘಟಕದ ಅಧ್ಯಕ್ಷರು, ಶಿಕ್ಷಣ ಇಲಾಖೆಯ ಅಧಿಕಾರಿಗಳು, ಮುಖ್ಯ ಶಿಕ್ಷಕರು ಹಾಗೂ ಸಾಹಿತ್ಯಾಸಕ್ತರು ಸಭೆಯಲ್ಲಿ ಭಾಗವಹಿಸಿದ್ದರು.
